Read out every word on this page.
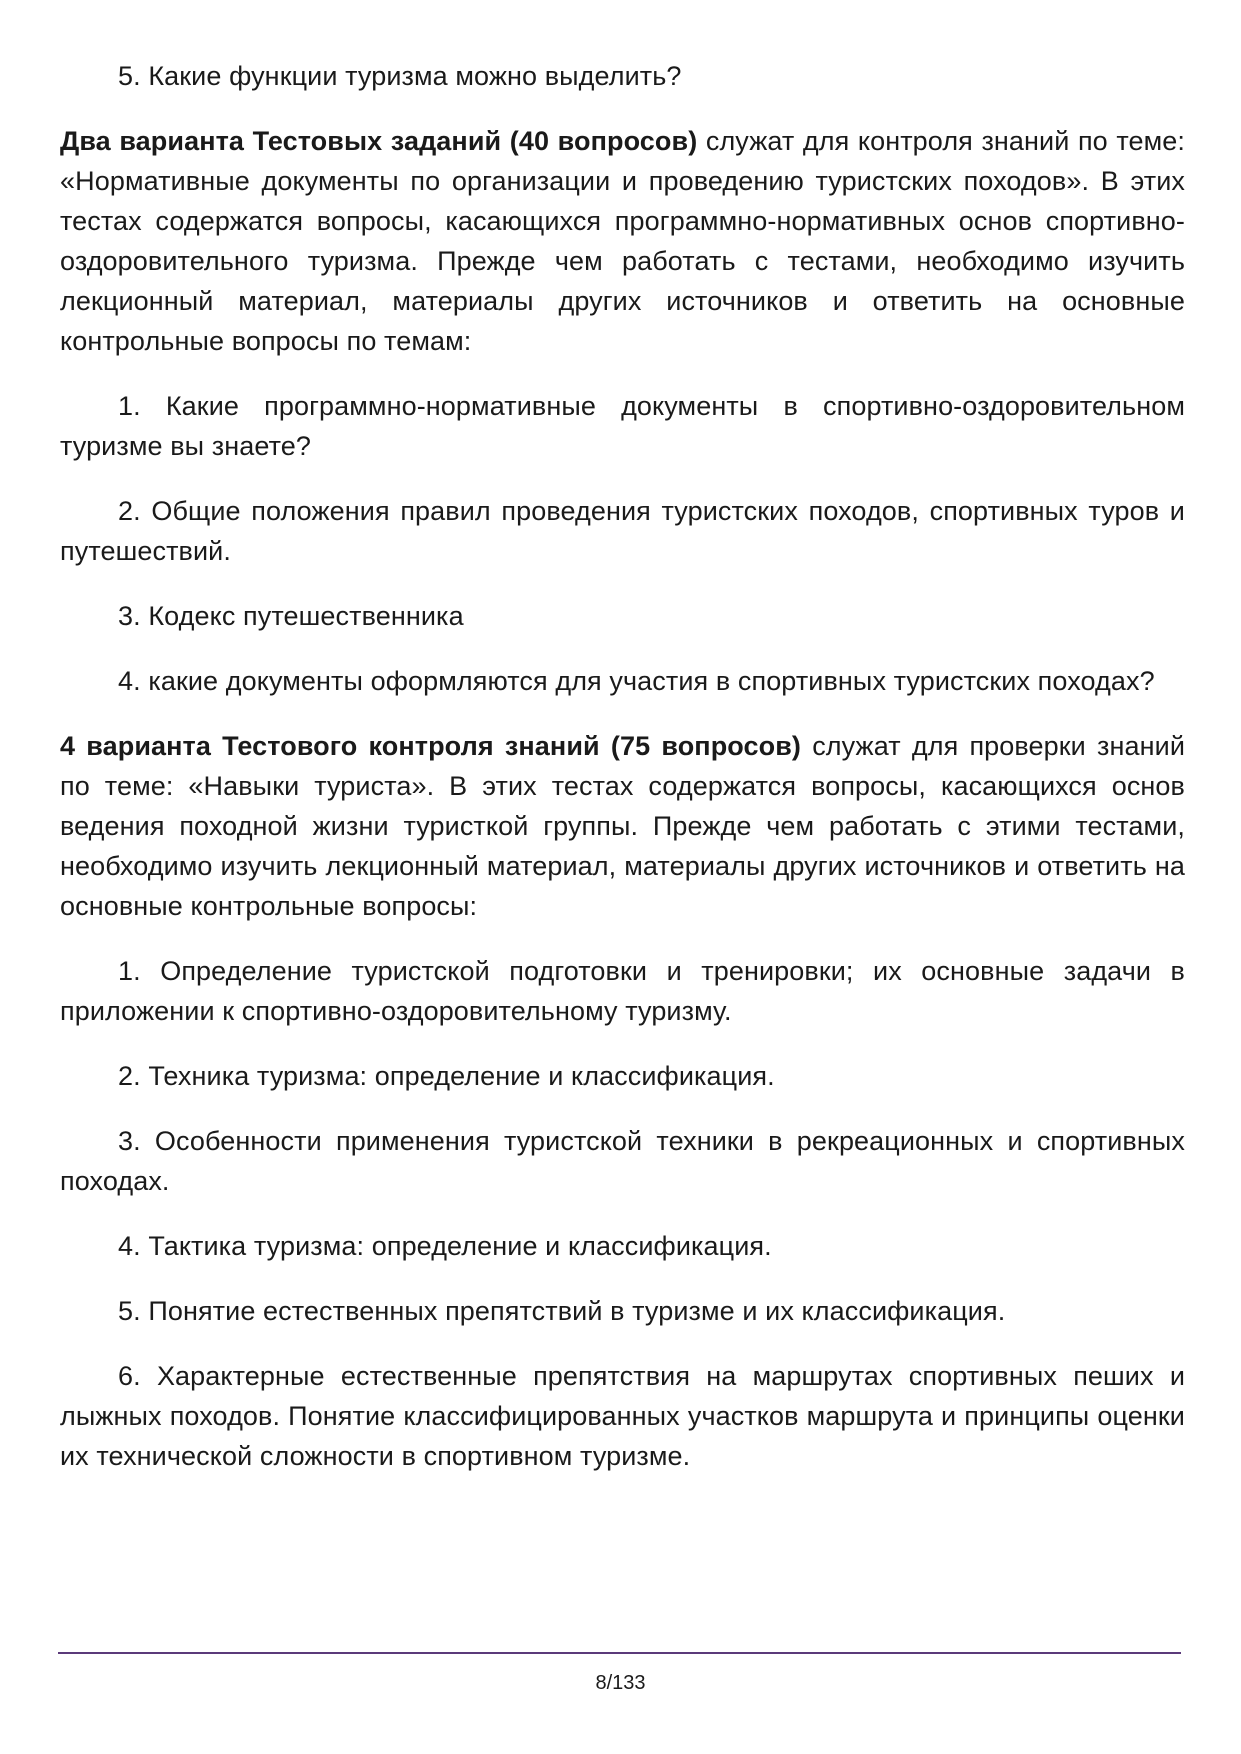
5. Какие функции туризма можно выделить?

Два варианта Тестовых заданий (40 вопросов) служат для контроля знаний по теме: «Нормативные документы по организации и проведению туристских походов». В этих тестах содержатся вопросы, касающихся программно-нормативных основ спортивно-оздоровительного туризма. Прежде чем работать с тестами, необходимо изучить лекционный материал, материалы других источников и ответить на основные контрольные вопросы по темам:

1. Какие программно-нормативные документы в спортивно-оздоровительном туризме вы знаете?

2. Общие положения правил проведения туристских походов, спортивных туров и путешествий.

3. Кодекс путешественника

4. какие документы оформляются для участия в спортивных туристских походах?

4 варианта Тестового контроля знаний (75 вопросов) служат для проверки знаний по теме: «Навыки туриста». В этих тестах содержатся вопросы, касающихся основ ведения походной жизни туристкой группы. Прежде чем работать с этими тестами, необходимо изучить лекционный материал, материалы других источников и ответить на основные контрольные вопросы:

1. Определение туристской подготовки и тренировки; их основные задачи в приложении к спортивно-оздоровительному туризму.

2. Техника туризма: определение и классификация.

3. Особенности применения туристской техники в рекреационных и спортивных походах.

4. Тактика туризма: определение и классификация.

5. Понятие естественных препятствий в туризме и их классификация.

6. Характерные естественные препятствия на маршрутах спортивных пеших и лыжных походов. Понятие классифицированных участков маршрута и принципы оценки их технической сложности в спортивном туризме.

8/133
